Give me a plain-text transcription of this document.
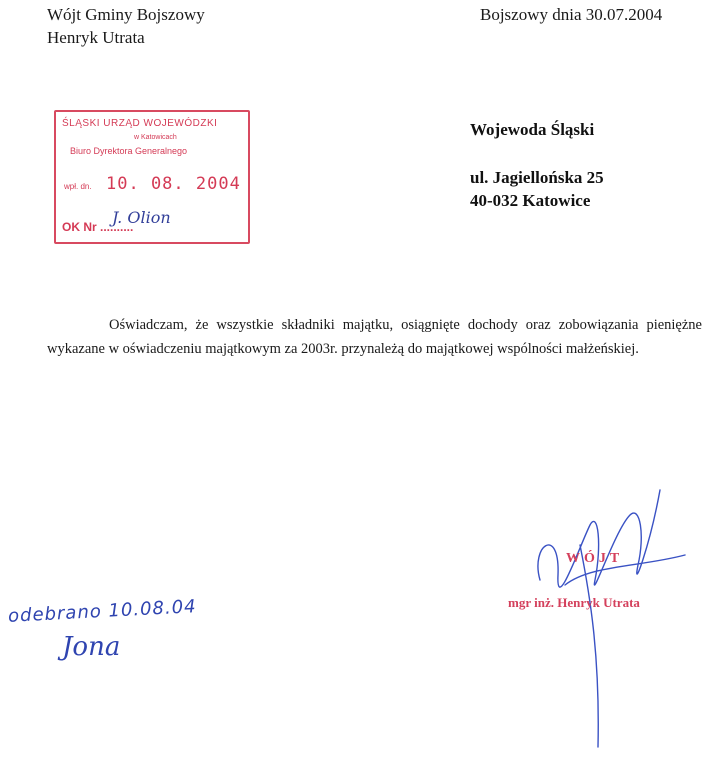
Wójt Gminy Bojszowy
Henryk Utrata
Bojszowy dnia 30.07.2004
ŚLĄSKI URZĄD WOJEWÓDZKI
w Katowicach
Biuro Dyrektora Generalnego
wpł. dn. 10. 08. 2004
OK Nr ..........
J. Olion
Wojewoda Śląski
ul. Jagiellońska 25
40-032 Katowice
Oświadczam, że wszystkie składniki majątku, osiągnięte dochody oraz zobowiązania pieniężne wykazane w oświadczeniu majątkowym za 2003r. przynależą do majątkowej wspólności małżeńskiej.
WÓJT
mgr inż. Henryk Utrata
odebrano 10.08.04
Jona
